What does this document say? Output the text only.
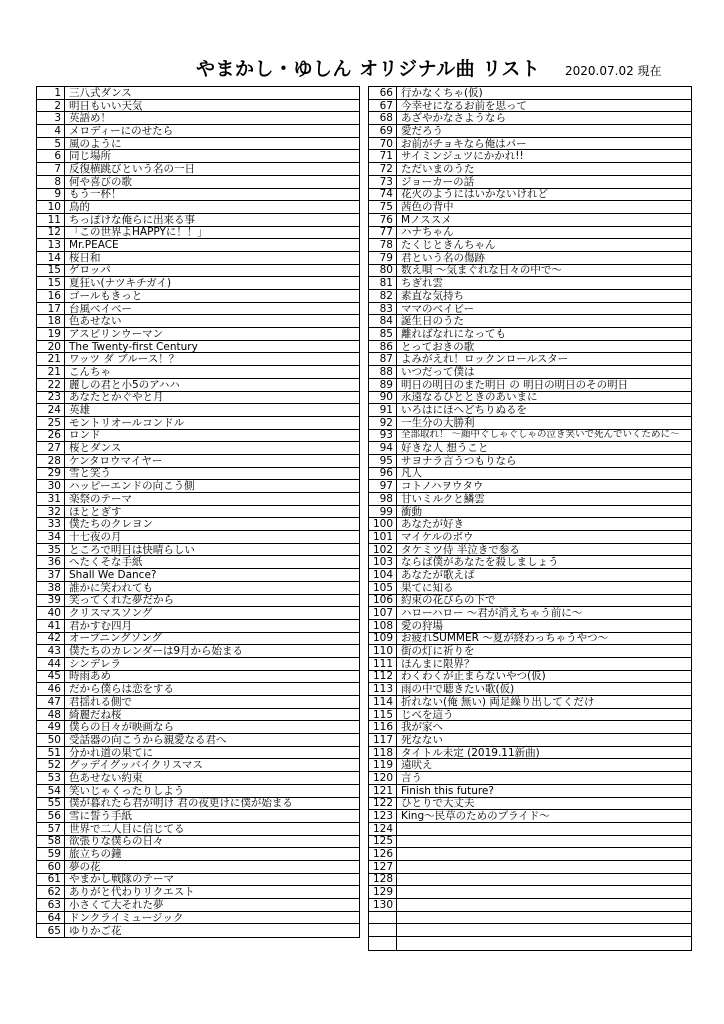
やまかし・ゆしん オリジナル曲 リスト 2020.07.02 現在
1 三八式ダンス
2 明日もいい天気
3 英語め！
4 メロディーにのせたら
5 風のように
6 同じ場所
7 反復横跳びという名の一日
8 何や喜びの歌
9 もう一杯！
10 鳥的
11 ちっぽけな俺らに出来る事
12 「この世界よHAPPYに！！」
13 Mr.PEACE
14 桜日和
15 ゲロッパ
15 夏狂い(ナツキチガイ)
16 ゴールもきっと
17 台風ベイベー
18 色あせない
19 アスピリンウーマン
20 The Twenty-first Century
21 ワッツ ダ ブルース！？
21 こんちゃ
22 麗しの君と小5のアハハ
23 あなたとかぐやと月
24 英雄
25 モントリオールコンドル
26 ロンド
27 桜とダンス
28 ケンタロウマイヤー
29 雪と笑う
30 ハッピーエンドの向こう側
31 楽祭のテーマ
32 ほととぎす
33 僕たちのクレヨン
34 十七夜の月
35 ところで明日は快晴らしい
36 へたくそな手紙
37 Shall We Dance?
38 誰かに笑われても
39 笑ってくれた夢だから
40 クリスマスソング
41 君かすむ四月
42 オープニングソング
43 僕たちのカレンダーは9月から始まる
44 シンデレラ
45 時雨あめ
46 だから僕らは恋をする
47 君揺れる側で
48 綺麗だね桜
49 僕らの日々が映画なら
50 受話器の向こうから親愛なる君へ
51 分かれ道の果てに
52 グッデイグッバイクリスマス
53 色あせない約束
54 笑いじゃくったりしよう
55 僕が暮れたら君が明け 君の夜更けに僕が始まる
56 雪に誓う手紙
57 世界で二人目に信じてる
58 欲張りな僕らの日々
59 旅立ちの鐘
60 夢の花
61 やまかし戦隊のテーマ
62 ありがと代わりリクエスト
63 小さくて大それた夢
64 ドンクライミュージック
65 ゆりかご花
66 行かなくちゃ(仮)
67 今幸せになるお前を思って
68 あざやかなさようなら
69 愛だろう
70 お前がチョキなら俺はパー
71 サイミンジュツにかかれ!!
72 ただいまのうた
73 ジョーカーの話
74 花火のようにはいかないけれど
75 茜色の背中
76 Mノススメ
77 ハナちゃん
78 たくじときんちゃん
79 君という名の傷跡
80 数え唄 ～気まぐれな日々の中で～
81 ちぎれ雲
82 素直な気持ち
83 ママのベイビー
84 誕生日のうた
85 離ればなれになっても
86 とっておきの歌
87 よみがえれ！ロックンロールスター
88 いつだって僕は
89 明日の明日のまた明日 の 明日の明日のその明日
90 永遠なるひとときのあいまに
91 いろはにほへどちりぬるを
92 一生分の大勝利
93 全部取れ！ ～顔中ぐしゃぐしゃの泣き笑いで死んでいくために～
94 好きな人 想うこと
95 サヨナラ言うつもりなら
96 凡人
97 コトノハヲウタウ
98 甘いミルクと鱗雲
99 衝動
100 あなたが好き
101 マイケルのボウ
102 タケミツ侍 半泣きで参る
103 ならば僕があなたを殺しましょう
104 あなたが歌えば
105 果てに知る
106 約束の花びらの下で
107 ハローハロー ～君が消えちゃう前に～
108 愛の狩場
109 お疲れSUMMER ～夏が終わっちゃうやつ～
110 街の灯に祈りを
111 ほんまに限界？
112 わくわくが止まらないやつ(仮)
113 雨の中で聴きたい歌(仮)
114 折れない(俺 無い) 両足繰り出してくだけ
115 じべを這う
116 我が家へ
117 死なない
118 タイトル未定 (2019.11新曲)
119 遠吠え
120 言う
121 Finish this future?
122 ひとりで大丈夫
123 King～民草のためのプライド～
124
125
126
127
128
129
130
